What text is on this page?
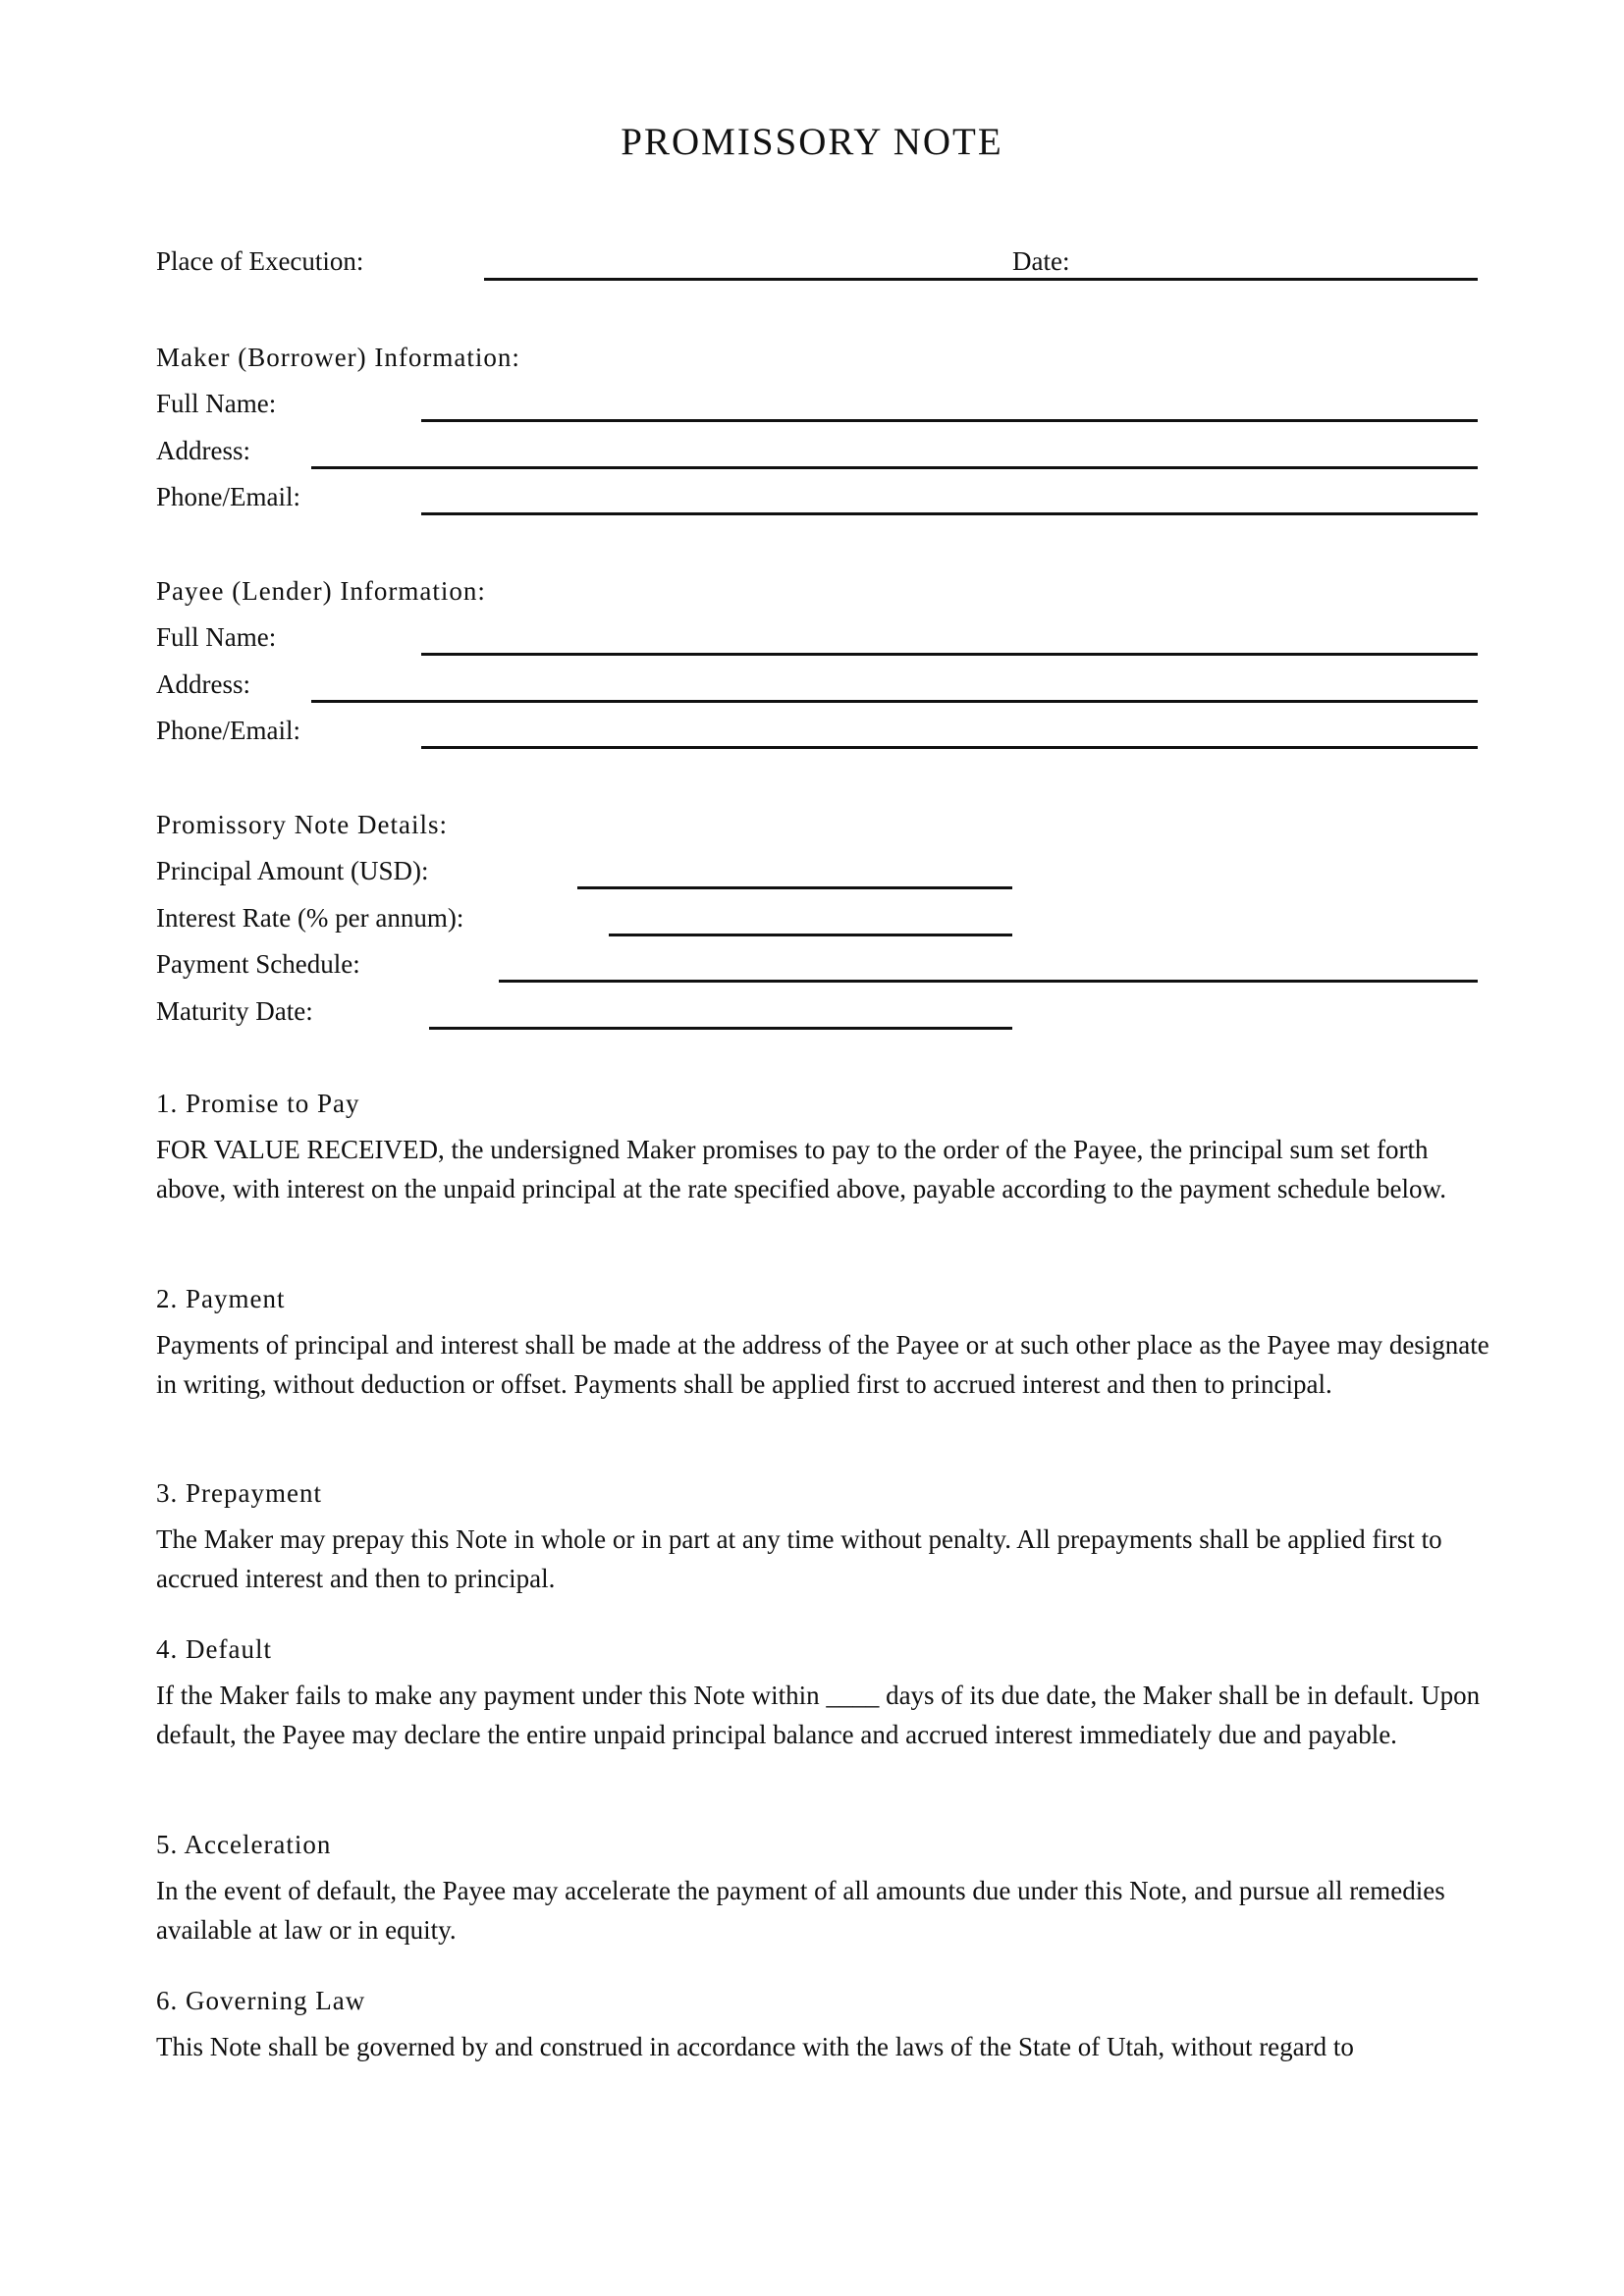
PROMISSORY NOTE
Place of Execution:	Date:
Maker (Borrower) Information:
Full Name:
Address:
Phone/Email:
Payee (Lender) Information:
Full Name:
Address:
Phone/Email:
Promissory Note Details:
Principal Amount (USD):
Interest Rate (% per annum):
Payment Schedule:
Maturity Date:
1. Promise to Pay

FOR VALUE RECEIVED, the undersigned Maker promises to pay to the order of the Payee, the principal sum set forth above, with interest on the unpaid principal at the rate specified above, payable according to the payment schedule below.

2. Payment

Payments of principal and interest shall be made at the address of the Payee or at such other place as the Payee may designate in writing, without deduction or offset. Payments shall be applied first to accrued interest and then to principal.

3. Prepayment

The Maker may prepay this Note in whole or in part at any time without penalty. All prepayments shall be applied first to accrued interest and then to principal.

4. Default

If the Maker fails to make any payment under this Note within ____ days of its due date, the Maker shall be in default. Upon default, the Payee may declare the entire unpaid principal balance and accrued interest immediately due and payable.

5. Acceleration

In the event of default, the Payee may accelerate the payment of all amounts due under this Note, and pursue all remedies available at law or in equity.

6. Governing Law

This Note shall be governed by and construed in accordance with the laws of the State of Utah, without regard to
